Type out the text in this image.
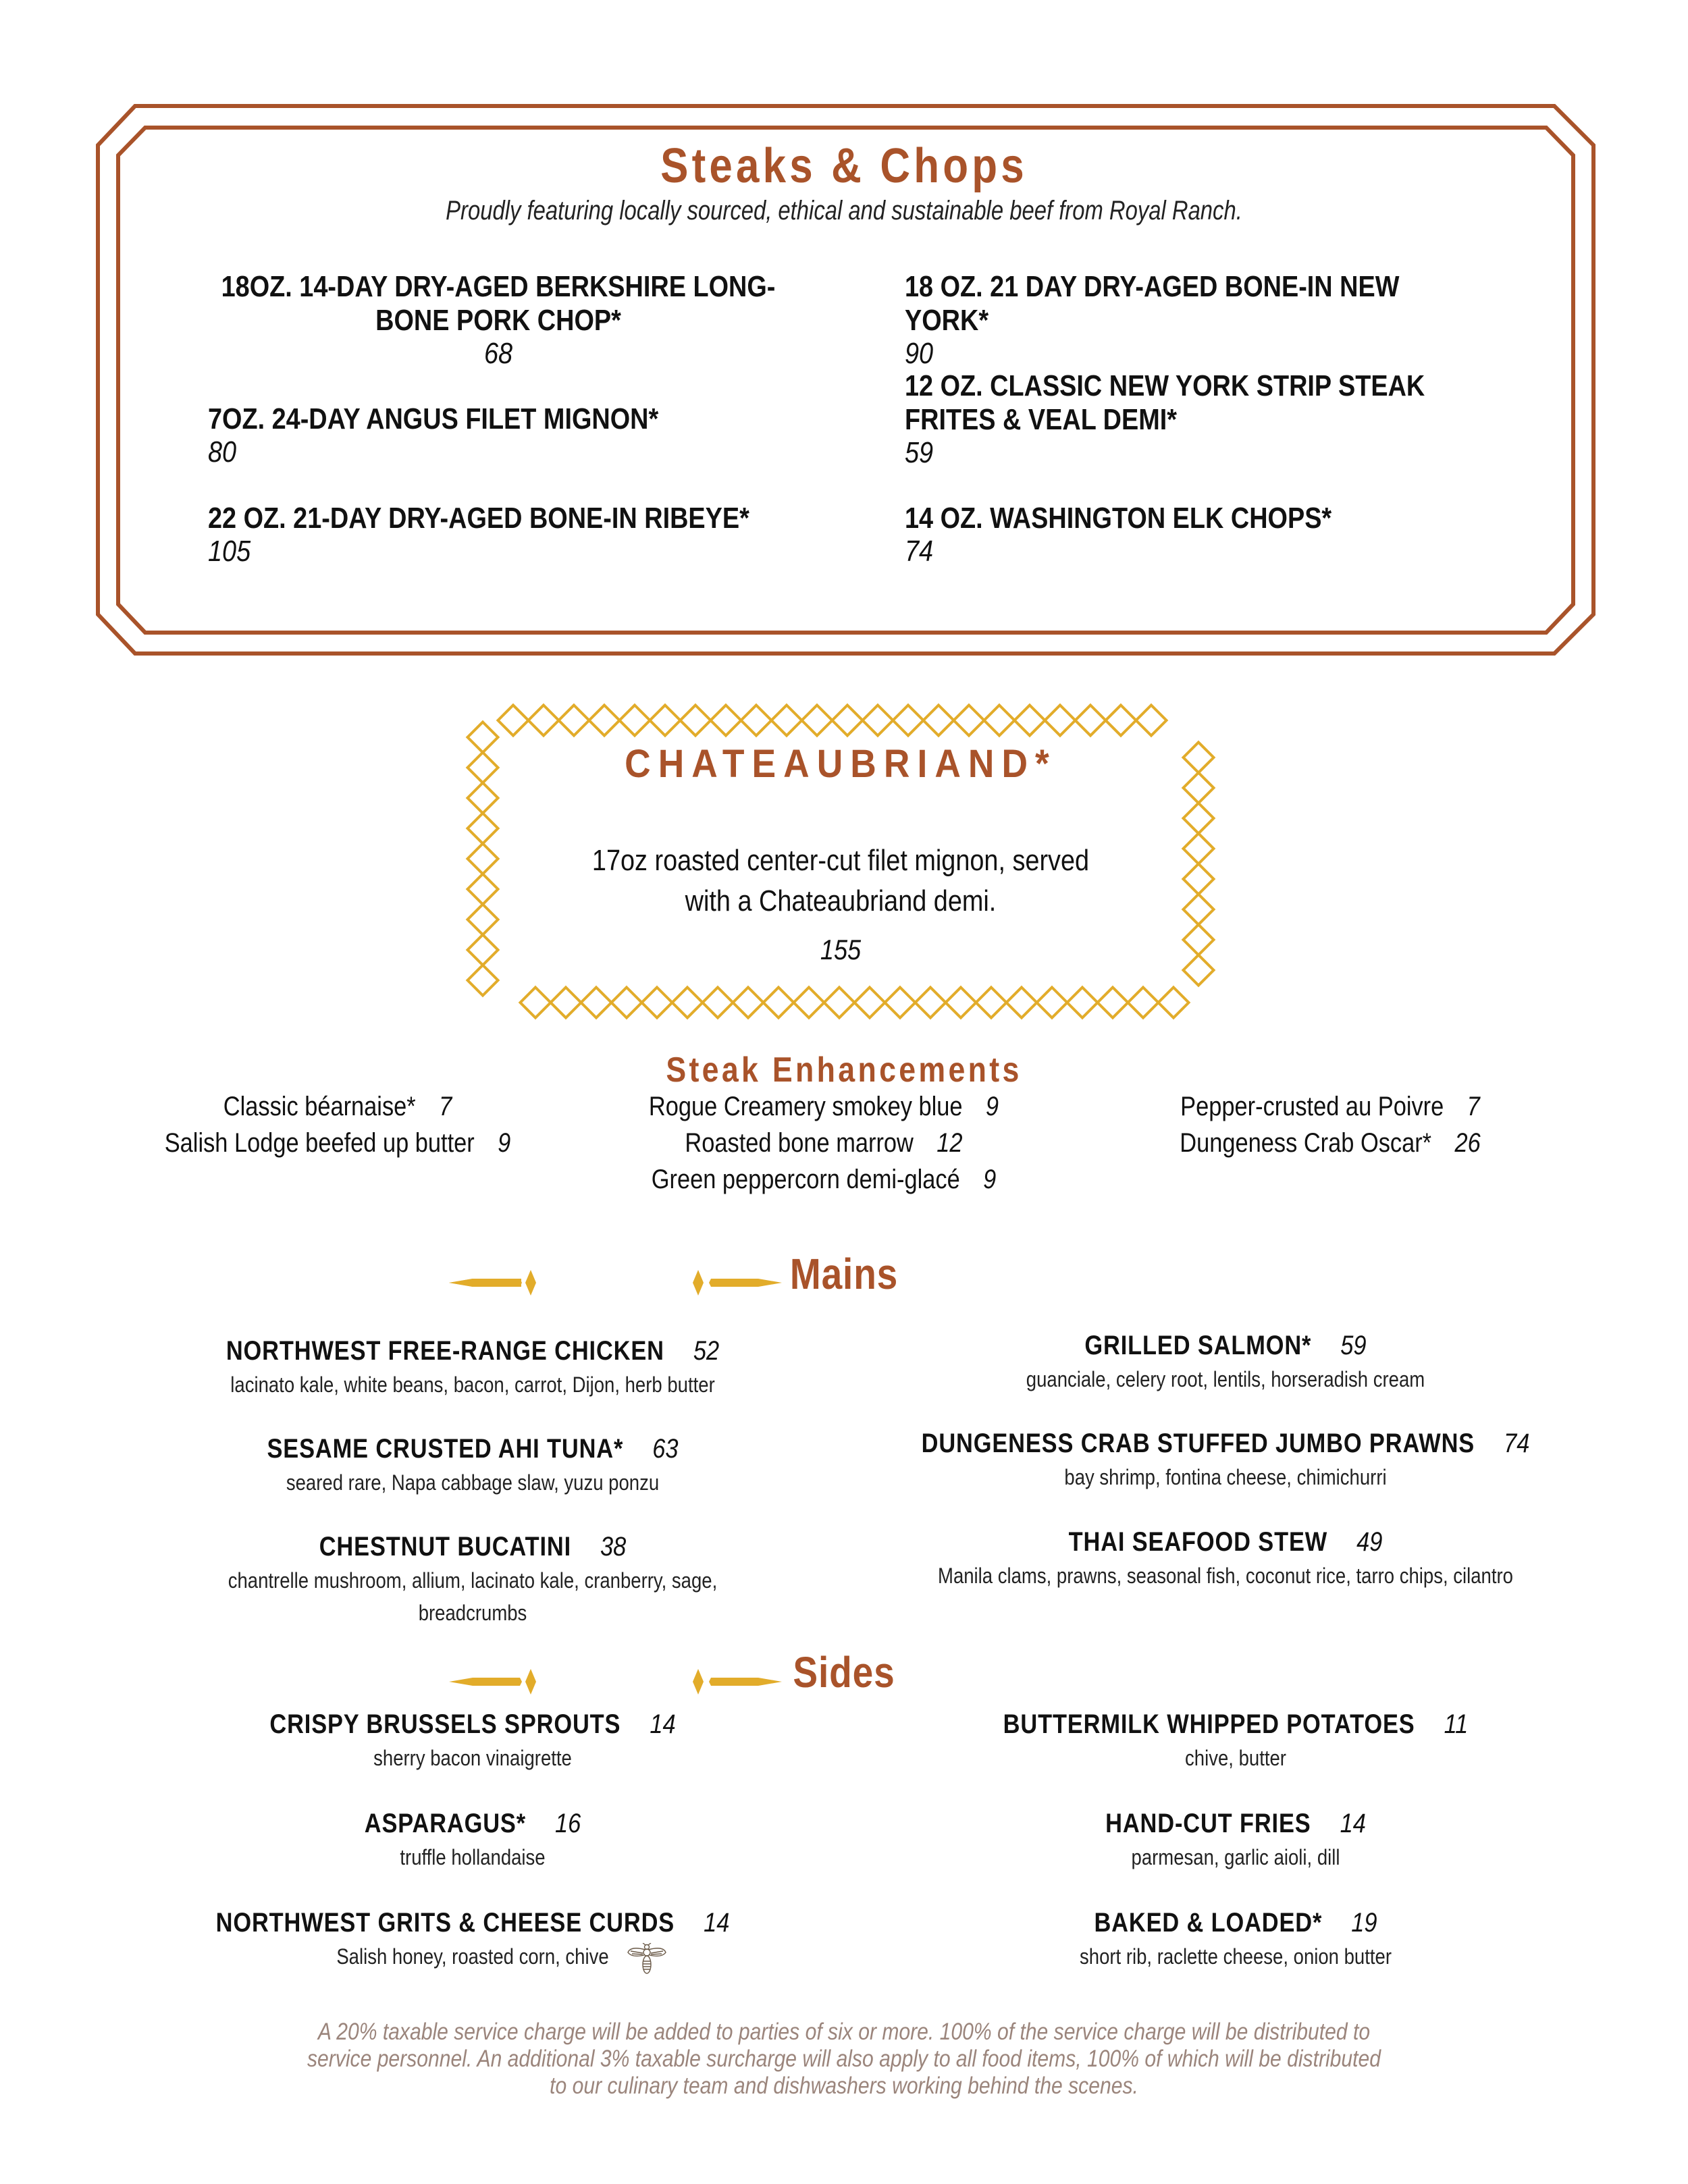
Steaks & Chops
Proudly featuring locally sourced, ethical and sustainable beef from Royal Ranch.
18OZ. 14-DAY DRY-AGED BERKSHIRE LONG-
BONE PORK CHOP*
68
7OZ. 24-DAY ANGUS FILET MIGNON*
80
22 OZ. 21-DAY DRY-AGED BONE-IN RIBEYE*
105
18 OZ. 21 DAY DRY-AGED BONE-IN NEW YORK*
90
12 OZ. CLASSIC NEW YORK STRIP STEAK
FRITES & VEAL DEMI*
59
14 OZ. WASHINGTON ELK CHOPS*
74
CHATEAUBRIAND*
17oz roasted center-cut filet mignon, served
with a Chateaubriand demi.
155
Steak Enhancements
Classic béarnaise* 7
Salish Lodge beefed up butter 9
Rogue Creamery smokey blue 9
Roasted bone marrow 12
Green peppercorn demi-glacé 9
Pepper-crusted au Poivre 7
Dungeness Crab Oscar* 26
Mains
NORTHWEST FREE-RANGE CHICKEN 52
lacinato kale, white beans, bacon, carrot, Dijon, herb butter
SESAME CRUSTED AHI TUNA* 63
seared rare, Napa cabbage slaw, yuzu ponzu
CHESTNUT BUCATINI 38
chantrelle mushroom, allium, lacinato kale, cranberry, sage, breadcrumbs
GRILLED SALMON* 59
guanciale, celery root, lentils, horseradish cream
DUNGENESS CRAB STUFFED JUMBO PRAWNS 74
bay shrimp, fontina cheese, chimichurri
THAI SEAFOOD STEW 49
Manila clams, prawns, seasonal fish, coconut rice, tarro chips, cilantro
Sides
CRISPY BRUSSELS SPROUTS 14
sherry bacon vinaigrette
ASPARAGUS* 16
truffle hollandaise
NORTHWEST GRITS & CHEESE CURDS 14
Salish honey, roasted corn, chive
BUTTERMILK WHIPPED POTATOES 11
chive, butter
HAND-CUT FRIES 14
parmesan, garlic aioli, dill
BAKED & LOADED* 19
short rib, raclette cheese, onion butter
A 20% taxable service charge will be added to parties of six or more. 100% of the service charge will be distributed to
service personnel. An additional 3% taxable surcharge will also apply to all food items, 100% of which will be distributed
to our culinary team and dishwashers working behind the scenes.
